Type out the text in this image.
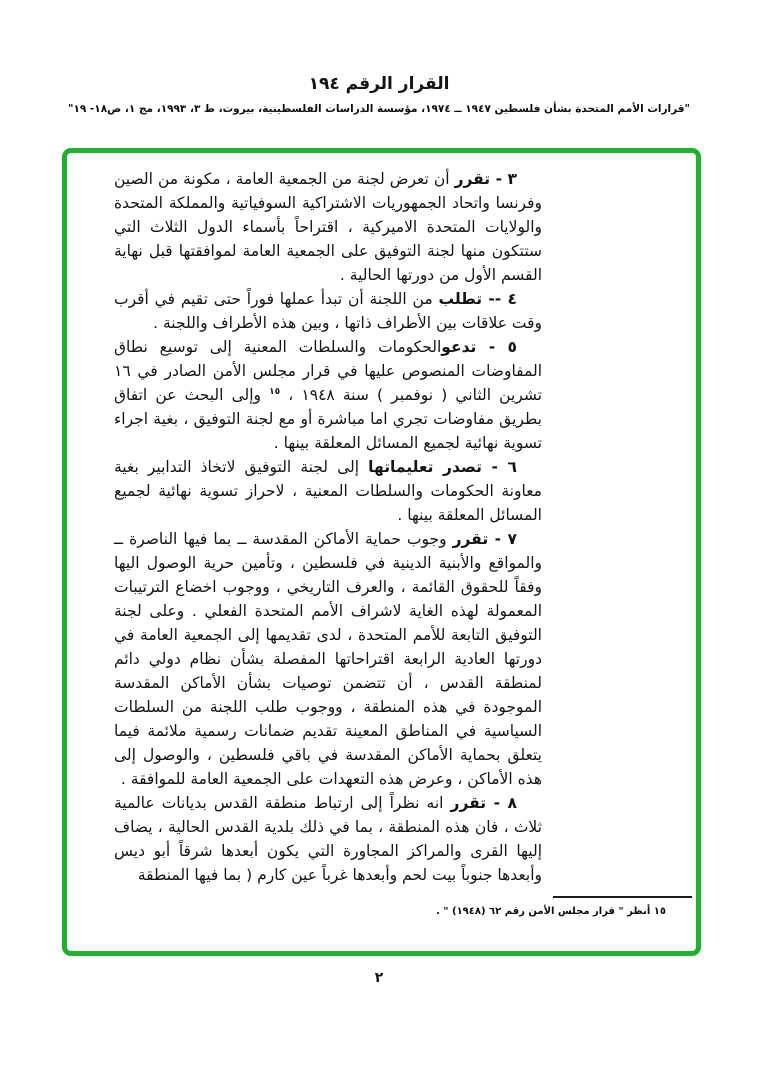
القرار الرقم ١٩٤
"قرارات الأمم المتحدة بشأن فلسطين ١٩٤٧ ــ ١٩٧٤، مؤسسة الدراسات الفلسطينية، بيروت، ط ٣، ١٩٩٣، مج ١، ص١٨- ١٩"

٣ - تقرر أن تعرض لجنة من الجمعية العامة ، مكونة من الصين وفرنسا واتحاد الجمهوريات الاشتراكية السوفياتية والمملكة المتحدة والولايات المتحدة الاميركية ، اقتراحاً بأسماء الدول الثلاث التي ستتكون منها لجنة التوفيق على الجمعية العامة لموافقتها قبل نهاية القسم الأول من دورتها الحالية .

٤ -- تطلب من اللجنة أن تبدأ عملها فوراً حتى تقيم في أقرب وقت علاقات بين الأطراف ذاتها ، وبين هذه الأطراف واللجنة .

٥ - تدعوالحكومات والسلطات المعنية إلى توسيع نطاق المفاوضات المنصوص عليها في قرار مجلس الأمن الصادر في ١٦ تشرين الثاني ( نوفمبر ) سنة ١٩٤٨ ، $^{١٥}$ وإلى البحث عن اتفاق بطريق مفاوضات تجري اما مباشرة أو مع لجنة التوفيق ، بغية اجراء تسوية نهائية لجميع المسائل المعلقة بينها .

٦ - تصدر تعليماتها إلى لجنة التوفيق لاتخاذ التدابير بغية معاونة الحكومات والسلطات المعنية ، لاحراز تسوية نهائية لجميع المسائل المعلقة بينها .

٧ - تقرر وجوب حماية الأماكن المقدسة ــ بما فيها الناصرة ــ والمواقع والأبنية الدينية في فلسطين ، وتأمين حرية الوصول اليها وفقاً للحقوق القائمة ، والعرف التاريخي ، ووجوب اخضاع الترتيبات المعمولة لهذه الغاية لاشراف الأمم المتحدة الفعلي . وعلى لجنة التوفيق التابعة للأمم المتحدة ، لدى تقديمها إلى الجمعية العامة في دورتها العادية الرابعة اقتراحاتها المفصلة بشأن نظام دولي دائم لمنطقة القدس ، أن تتضمن توصيات بشأن الأماكن المقدسة الموجودة في هذه المنطقة ، ووجوب طلب اللجنة من السلطات السياسية في المناطق المعينة تقديم ضمانات رسمية ملائمة فيما يتعلق بحماية الأماكن المقدسة في باقي فلسطين ، والوصول إلى هذه الأماكن ، وعرض هذه التعهدات على الجمعية العامة للموافقة .

٨ - تقرر انه نظراً إلى ارتباط منطقة القدس بديانات عالمية ثلاث ، فان هذه المنطقة ، بما في ذلك بلدية القدس الحالية ، يضاف إليها القرى والمراكز المجاورة التي يكون أبعدها شرقاً أبو ديس وأبعدها جنوباً بيت لحم وأبعدها غرباً عين كارم ( بما فيها المنطقة

١٥ أنظر " قرار مجلس الأمن رقم ٦٢ (١٩٤٨) " .
٢
